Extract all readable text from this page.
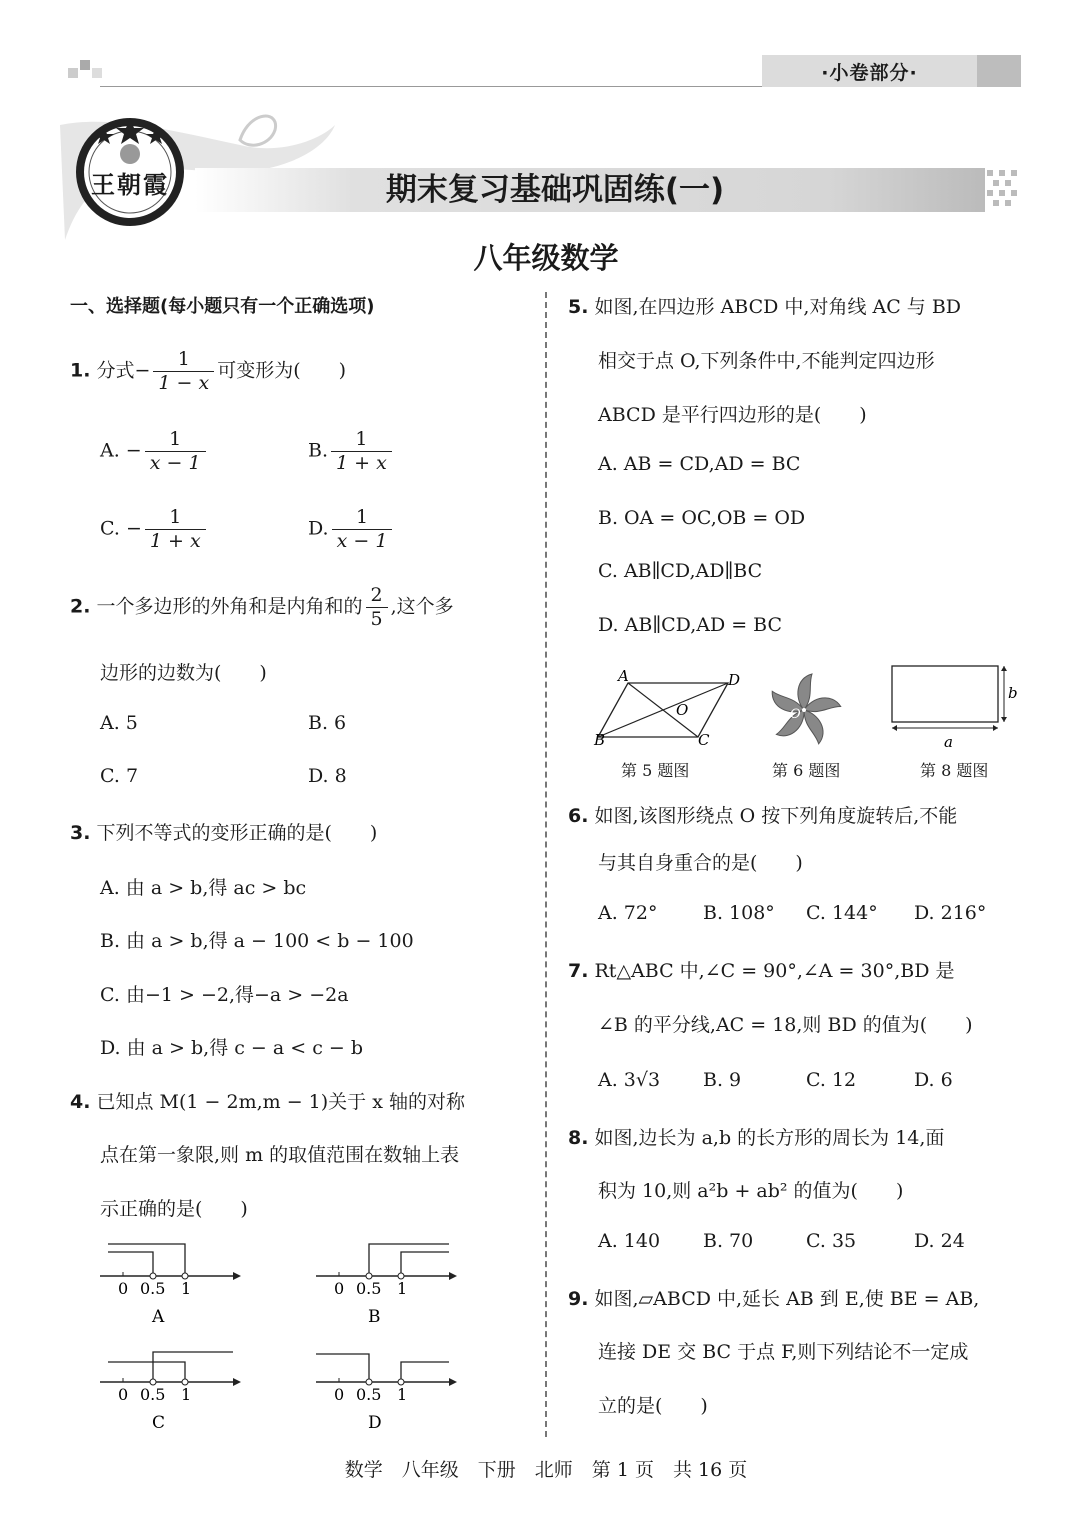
·小卷部分·
王朝霞	期末复习基础巩固练(一)
八年级数学
一、选择题(每小题只有一个正确选项)
1. 分式− $\frac{1}{1 - x}$ 可变形为(　　)
A. − $\frac{1}{x - 1}$	B. $\frac{1}{1 + x}$
C. − $\frac{1}{1 + x}$	D. $\frac{1}{x - 1}$
2. 一个多边形的外角和是内角和的 $\frac{2}{5}$ ,这个多
边形的边数为(　　)
A. 5	B. 6
C. 7	D. 8
3. 下列不等式的变形正确的是(　　)
A. 由 a > b,得 ac > bc
B. 由 a > b,得 a − 100 < b − 100
C. 由−1 > −2,得−a > −2a
D. 由 a > b,得 c − a < c − b
4. 已知点 M(1 − 2m,m − 1)关于 x 轴的对称
点在第一象限,则 m 的取值范围在数轴上表
示正确的是(　　)
0 0.5 1
A
0 0.5 1
B
0 0.5 1
C
0 0.5 1
D
5. 如图,在四边形 ABCD 中,对角线 AC 与 BD
相交于点 O,下列条件中,不能判定四边形
ABCD 是平行四边形的是(　　)
A. AB = CD,AD = BC
B. OA = OC,OB = OD
C. AB∥CD,AD∥BC
D. AB∥CD,AD = BC
A	D
B	C
O
第 5 题图
O
第 6 题图
b
a
第 8 题图
6. 如图,该图形绕点 O 按下列角度旋转后,不能
与其自身重合的是(　　)
A. 72° B. 108° C. 144° D. 216°
7. Rt△ABC 中,∠C = 90°,∠A = 30°,BD 是
∠B 的平分线,AC = 18,则 BD 的值为(　　)
A. 3√3 B. 9	C. 12	D. 6
8. 如图,边长为 a,b 的长方形的周长为 14,面
积为 10,则 a²b + ab² 的值为(　　)
A. 140 B. 70	C. 35	D. 24
9. 如图,▱ABCD 中,延长 AB 到 E,使 BE = AB,
连接 DE 交 BC 于点 F,则下列结论不一定成
立的是(　　)
数学　八年级　下册　北师　第 1 页　共 16 页
